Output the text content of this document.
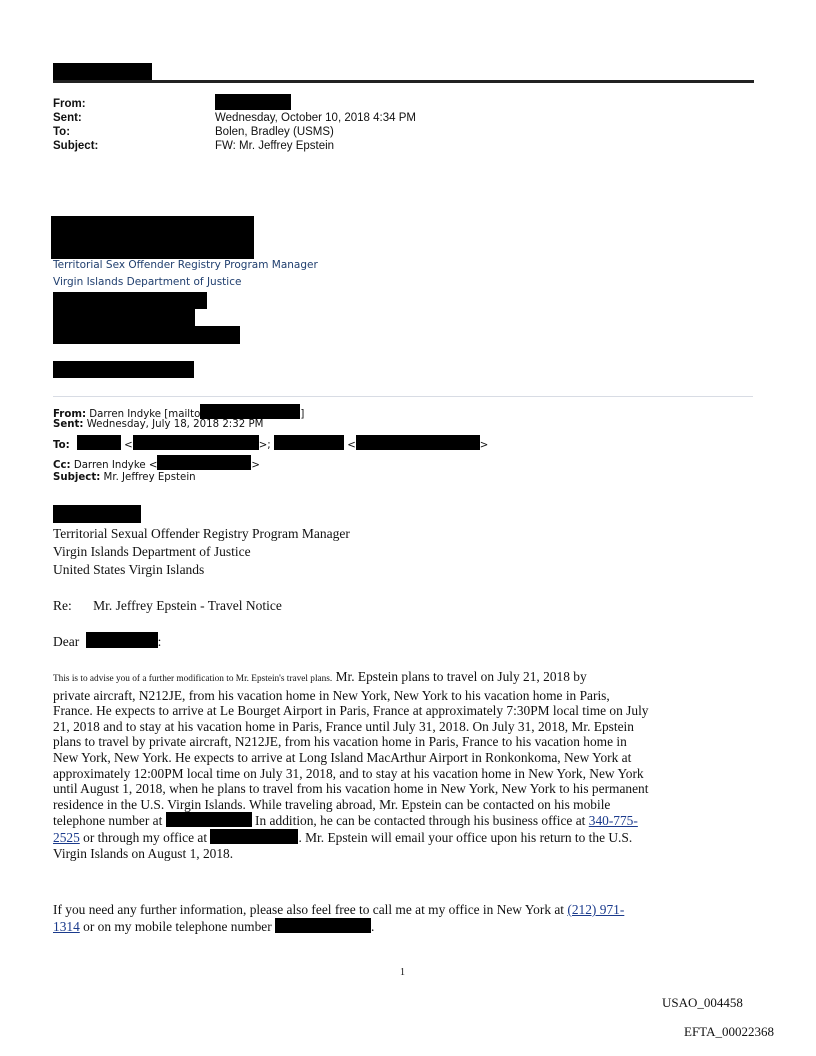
From:
Sent:	Wednesday, October 10, 2018 4:34 PM
To:	Bolen, Bradley (USMS)
Subject:	FW: Mr. Jeffrey Epstein
Territorial Sex Offender Registry Program Manager
Virgin Islands Department of Justice
From: Darren Indyke [mailto	]
Sent: Wednesday, July 18, 2018 2:32 PM
To:	<	>;	<	>
Cc: Darren Indyke <	>
Subject: Mr. Jeffrey Epstein
Territorial Sexual Offender Registry Program Manager
Virgin Islands Department of Justice
United States Virgin Islands
Re: Mr. Jeffrey Epstein - Travel Notice
Dear	:
This is to advise you of a further modification to Mr. Epstein's travel plans. Mr. Epstein plans to travel on July 21, 2018 by
private aircraft, N212JE, from his vacation home in New York, New York to his vacation home in Paris,
France. He expects to arrive at Le Bourget Airport in Paris, France at approximately 7:30PM local time on July
21, 2018 and to stay at his vacation home in Paris, France until July 31, 2018. On July 31, 2018, Mr. Epstein
plans to travel by private aircraft, N212JE, from his vacation home in Paris, France to his vacation home in
New York, New York. He expects to arrive at Long Island MacArthur Airport in Ronkonkoma, New York at
approximately 12:00PM local time on July 31, 2018, and to stay at his vacation home in New York, New York
until August 1, 2018, when he plans to travel from his vacation home in New York, New York to his permanent
residence in the U.S. Virgin Islands. While traveling abroad, Mr. Epstein can be contacted on his mobile
telephone number at	In addition, he can be contacted through his business office at 340-775-
2525 or through my office at	. Mr. Epstein will email your office upon his return to the U.S.
Virgin Islands on August 1, 2018.
If you need any further information, please also feel free to call me at my office in New York at (212) 971-
1314 or on my mobile telephone number	.
1
USAO_004458
EFTA_00022368
